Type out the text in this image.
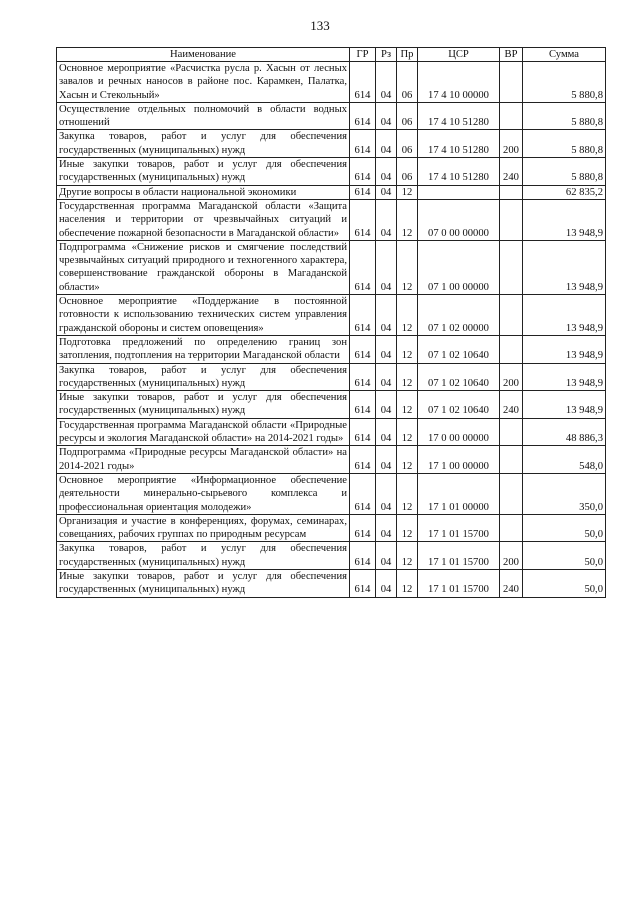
133
Наименование	ГР	Рз	Пр	ЦСР	ВР	Сумма
Основное мероприятие «Расчистка русла р. Хасын от лесных завалов и речных наносов в районе пос. Карамкен, Палатка, Хасын и Стекольный»	614	04	06	17 4 10 00000		5 880,8
Осуществление отдельных полномочий в области водных отношений	614	04	06	17 4 10 51280		5 880,8
Закупка товаров, работ и услуг для обеспечения государственных (муниципальных) нужд	614	04	06	17 4 10 51280	200	5 880,8
Иные закупки товаров, работ и услуг для обеспечения государственных (муниципальных) нужд	614	04	06	17 4 10 51280	240	5 880,8
Другие вопросы в области национальной экономики	614	04	12			62 835,2
Государственная программа Магаданской области «Защита населения и территории от чрезвычайных ситуаций и обеспечение пожарной безопасности в Магаданской области»	614	04	12	07 0 00 00000		13 948,9
Подпрограмма «Снижение рисков и смягчение последствий чрезвычайных ситуаций природного и техногенного характера, совершенствование гражданской обороны в Магаданской области»	614	04	12	07 1 00 00000		13 948,9
Основное мероприятие «Поддержание в постоянной готовности к использованию технических систем управления гражданской обороны и систем оповещения»	614	04	12	07 1 02 00000		13 948,9
Подготовка предложений по определению границ зон затопления, подтопления на территории Магаданской области	614	04	12	07 1 02 10640		13 948,9
Закупка товаров, работ и услуг для обеспечения государственных (муниципальных) нужд	614	04	12	07 1 02 10640	200	13 948,9
Иные закупки товаров, работ и услуг для обеспечения государственных (муниципальных) нужд	614	04	12	07 1 02 10640	240	13 948,9
Государственная программа Магаданской области «Природные ресурсы и экология Магаданской области» на 2014-2021 годы»	614	04	12	17 0 00 00000		48 886,3
Подпрограмма «Природные ресурсы Магаданской области» на 2014-2021 годы»	614	04	12	17 1 00 00000		548,0
Основное мероприятие «Информационное обеспечение деятельности минерально-сырьевого комплекса и профессиональная ориентация молодежи»	614	04	12	17 1 01 00000		350,0
Организация и участие в конференциях, форумах, семинарах, совещаниях, рабочих группах по природным ресурсам	614	04	12	17 1 01 15700		50,0
Закупка товаров, работ и услуг для обеспечения государственных (муниципальных) нужд	614	04	12	17 1 01 15700	200	50,0
Иные закупки товаров, работ и услуг для обеспечения государственных (муниципальных) нужд	614	04	12	17 1 01 15700	240	50,0
